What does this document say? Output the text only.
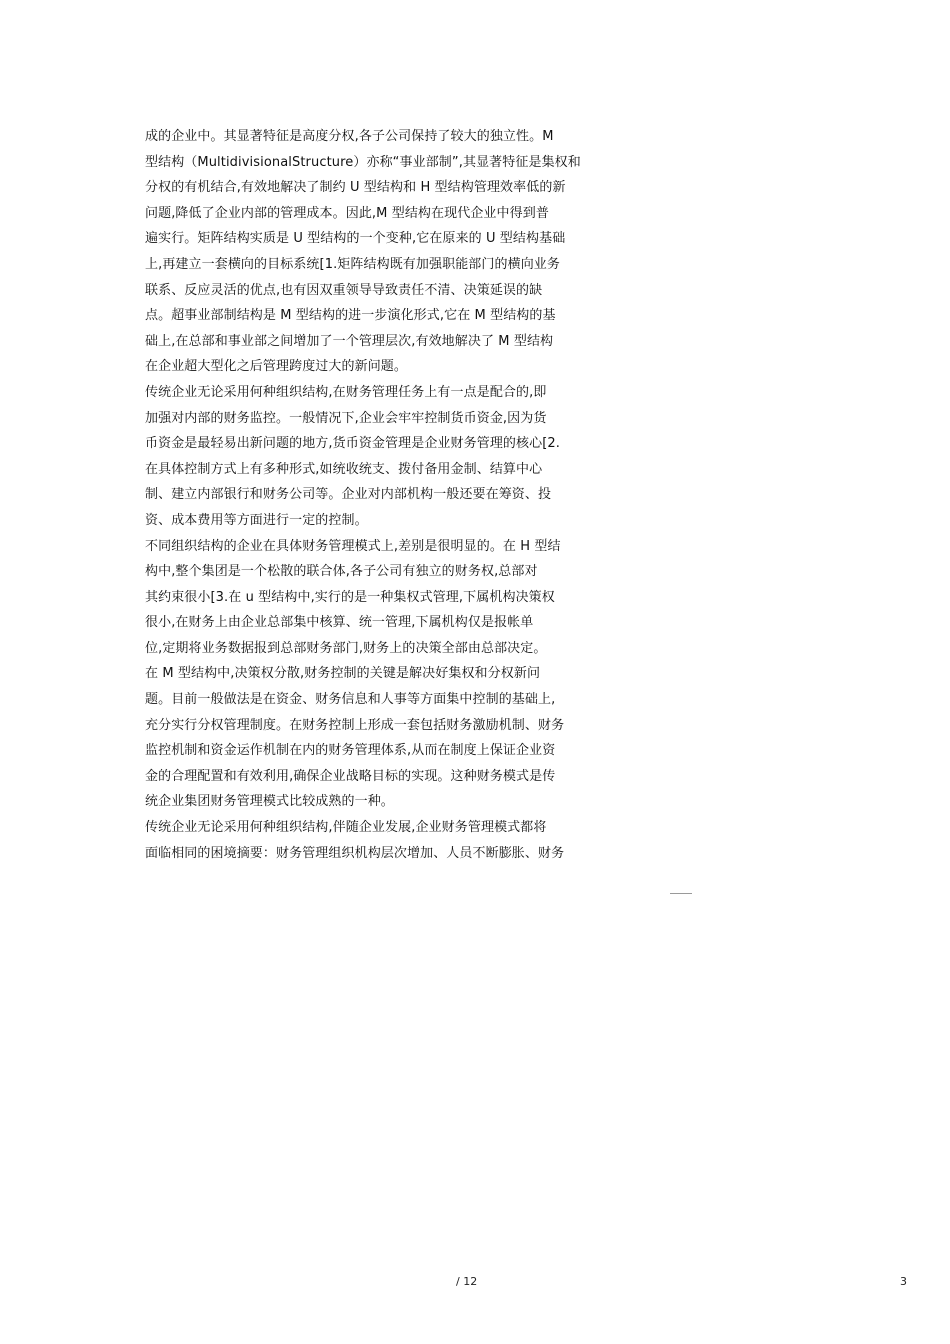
成的企业中。其显著特征是高度分权,各子公司保持了较大的独立性。M
型结构（MultidivisionalStructure）亦称“事业部制”,其显著特征是集权和
分权的有机结合,有效地解决了制约 U 型结构和 H 型结构管理效率低的新
问题,降低了企业内部的管理成本。因此,M 型结构在现代企业中得到普
遍实行。矩阵结构实质是 U 型结构的一个变种,它在原来的 U 型结构基础
上,再建立一套横向的目标系统[1.矩阵结构既有加强职能部门的横向业务
联系、反应灵活的优点,也有因双重领导导致责任不清、决策延误的缺
点。超事业部制结构是 M 型结构的进一步演化形式,它在 M 型结构的基
础上,在总部和事业部之间增加了一个管理层次,有效地解决了 M 型结构
在企业超大型化之后管理跨度过大的新问题。
传统企业无论采用何种组织结构,在财务管理任务上有一点是配合的,即
加强对内部的财务监控。一般情况下,企业会牢牢控制货币资金,因为货
币资金是最轻易出新问题的地方,货币资金管理是企业财务管理的核心[2.
在具体控制方式上有多种形式,如统收统支、拨付备用金制、结算中心
制、建立内部银行和财务公司等。企业对内部机构一般还要在筹资、投
资、成本费用等方面进行一定的控制。
不同组织结构的企业在具体财务管理模式上,差别是很明显的。在 H 型结
构中,整个集团是一个松散的联合体,各子公司有独立的财务权,总部对
其约束很小[3.在 u 型结构中,实行的是一种集权式管理,下属机构决策权
很小,在财务上由企业总部集中核算、统一管理,下属机构仅是报帐单
位,定期将业务数据报到总部财务部门,财务上的决策全部由总部决定。
在 M 型结构中,决策权分散,财务控制的关键是解决好集权和分权新问
题。目前一般做法是在资金、财务信息和人事等方面集中控制的基础上,
充分实行分权管理制度。在财务控制上形成一套包括财务激励机制、财务
监控机制和资金运作机制在内的财务管理体系,从而在制度上保证企业资
金的合理配置和有效利用,确保企业战略目标的实现。这种财务模式是传
统企业集团财务管理模式比较成熟的一种。
传统企业无论采用何种组织结构,伴随企业发展,企业财务管理模式都将
面临相同的困境摘要：财务管理组织机构层次增加、人员不断膨胀、财务
/ 12	3
